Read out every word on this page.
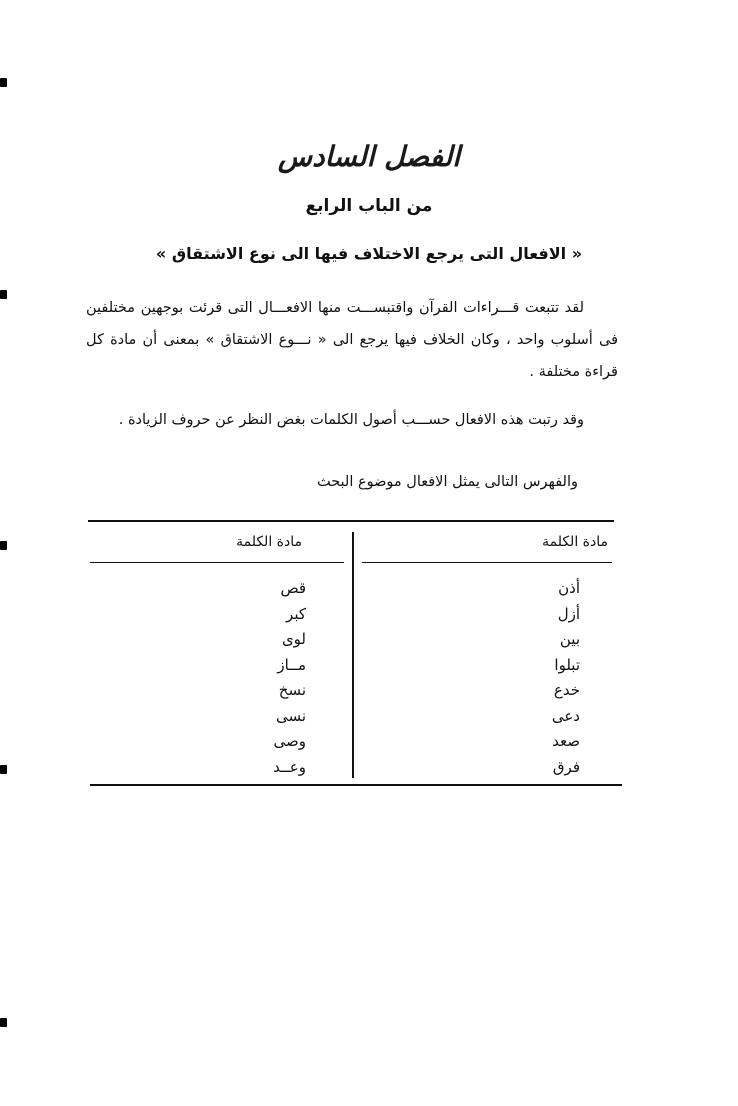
الفصل السادس
من الباب الرابع
« الافعال التى يرجع الاختلاف فيها الى نوع الاشتقاق »

لقد تتبعت قـــراءات القرآن واقتبســـت منها الافعـــال التى قرئت بوجهين مختلفين فى أسلوب واحد ، وكان الخلاف فيها يرجع الى « نـــوع الاشتقاق » بمعنى أن مادة كل قراءة مختلفة .

وقد رتبت هذه الافعال حســـب أصول الكلمات بغض النظر عن حروف الزيادة .

والفهرس التالى يمثل الافعال موضوع البحث
مادة الكلمة
مادة الكلمة
أذن
أزل
بين
تبلوا
خدع
دعى
صعد
فرق
قص
كبر
لوى
مــاز
نسخ
نسى
وصى
وعــد
